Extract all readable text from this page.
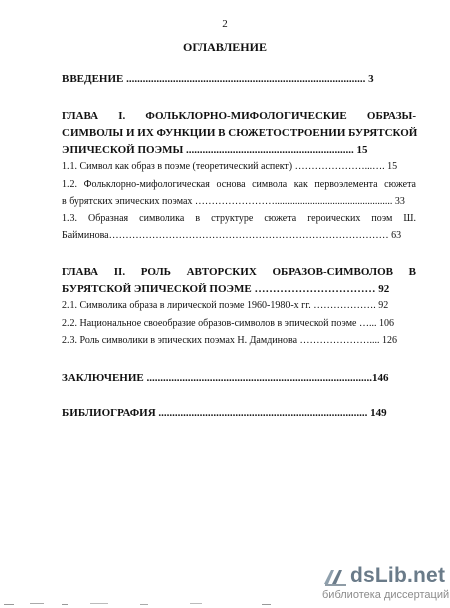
2
ОГЛАВЛЕНИЕ
ВВЕДЕНИЕ ....................................................................................... 3
ГЛАВА I. ФОЛЬКЛОРНО-МИФОЛОГИЧЕСКИЕ ОБРАЗЫ-
СИМВОЛЫ И ИХ ФУНКЦИИ В СЮЖЕТОСТРОЕНИИ БУРЯТСКОЙ
ЭПИЧЕСКОЙ ПОЭМЫ ............................................................. 15
1.1. Символ как образ в поэме (теоретический аспект) …………………...…. 15
1.2. Фольклорно-мифологическая основа символа как первоэлемента сюжета
в бурятских эпических поэмах ……………………............................................... 33
1.3. Образная символика в структуре сюжета героических поэм Ш.
Байминова………………………………………………………………………… 63
ГЛАВА II. РОЛЬ АВТОРСКИХ ОБРАЗОВ-СИМВОЛОВ В
БУРЯТСКОЙ ЭПИЧЕСКОЙ ПОЭМЕ …………………………… 92
2.1. Символика образа в лирической поэме 1960-1980-х гг. ………………. 92
2.2. Национальное своеобразие образов-символов в эпической поэме …... 106
2.3. Роль символики в эпических поэмах Н. Дамдинова ………………….... 126
ЗАКЛЮЧЕНИЕ ..................................................................................146
БИБЛИОГРАФИЯ ............................................................................ 149
dsLib.net
библиотека диссертаций
